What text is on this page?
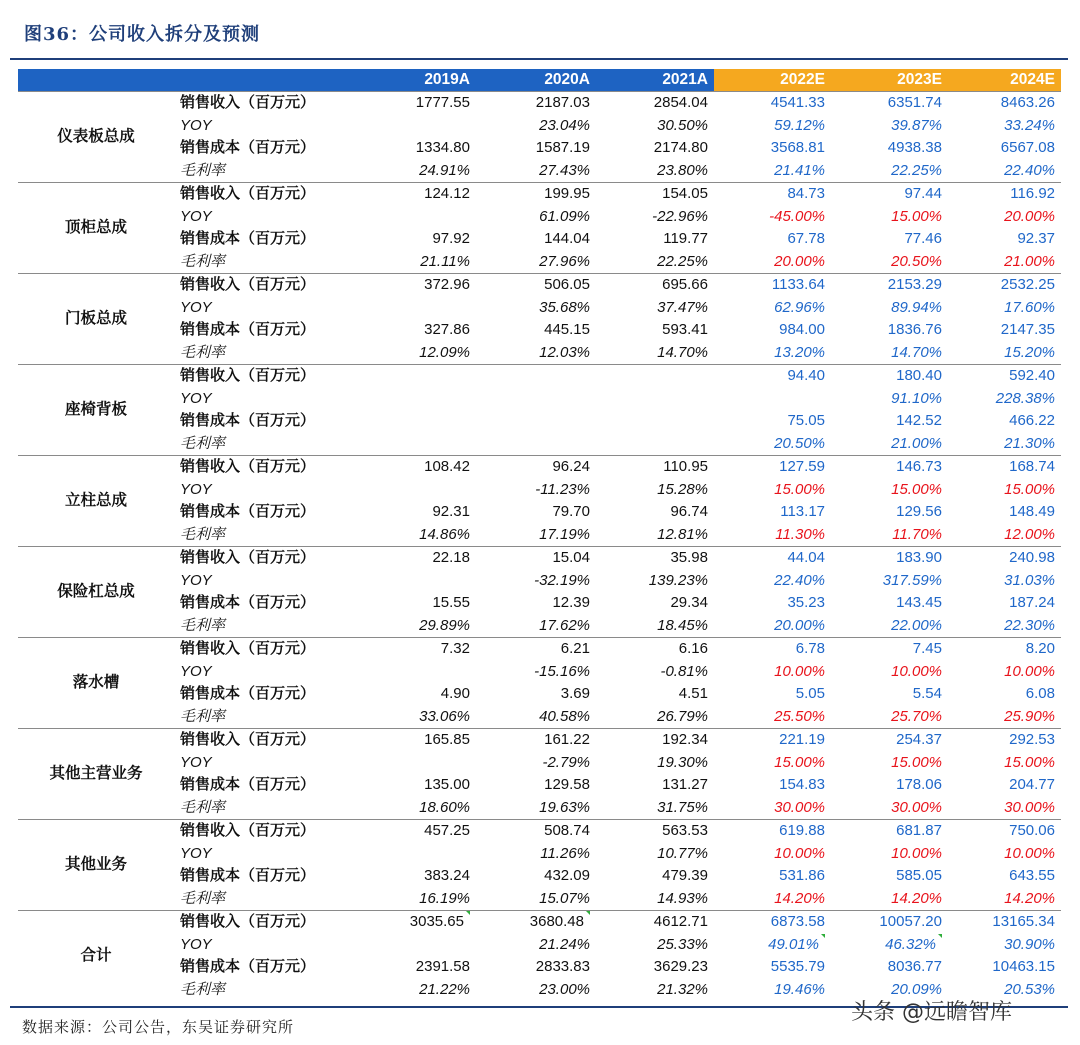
图36：公司收入拆分及预测
		2019A	2020A	2021A	2022E	2023E	2024E
仪表板总成	销售收入（百万元）	1777.55	2187.03	2854.04	4541.33	6351.74	8463.26
	YOY		23.04%	30.50%	59.12%	39.87%	33.24%
	销售成本（百万元）	1334.80	1587.19	2174.80	3568.81	4938.38	6567.08
	毛利率	24.91%	27.43%	23.80%	21.41%	22.25%	22.40%
顶柜总成	销售收入（百万元）	124.12	199.95	154.05	84.73	97.44	116.92
	YOY		61.09%	-22.96%	-45.00%	15.00%	20.00%
	销售成本（百万元）	97.92	144.04	119.77	67.78	77.46	92.37
	毛利率	21.11%	27.96%	22.25%	20.00%	20.50%	21.00%
门板总成	销售收入（百万元）	372.96	506.05	695.66	1133.64	2153.29	2532.25
	YOY		35.68%	37.47%	62.96%	89.94%	17.60%
	销售成本（百万元）	327.86	445.15	593.41	984.00	1836.76	2147.35
	毛利率	12.09%	12.03%	14.70%	13.20%	14.70%	15.20%
座椅背板	销售收入（百万元）				94.40	180.40	592.40
	YOY					91.10%	228.38%
	销售成本（百万元）				75.05	142.52	466.22
	毛利率				20.50%	21.00%	21.30%
立柱总成	销售收入（百万元）	108.42	96.24	110.95	127.59	146.73	168.74
	YOY		-11.23%	15.28%	15.00%	15.00%	15.00%
	销售成本（百万元）	92.31	79.70	96.74	113.17	129.56	148.49
	毛利率	14.86%	17.19%	12.81%	11.30%	11.70%	12.00%
保险杠总成	销售收入（百万元）	22.18	15.04	35.98	44.04	183.90	240.98
	YOY		-32.19%	139.23%	22.40%	317.59%	31.03%
	销售成本（百万元）	15.55	12.39	29.34	35.23	143.45	187.24
	毛利率	29.89%	17.62%	18.45%	20.00%	22.00%	22.30%
落水槽	销售收入（百万元）	7.32	6.21	6.16	6.78	7.45	8.20
	YOY		-15.16%	-0.81%	10.00%	10.00%	10.00%
	销售成本（百万元）	4.90	3.69	4.51	5.05	5.54	6.08
	毛利率	33.06%	40.58%	26.79%	25.50%	25.70%	25.90%
其他主营业务	销售收入（百万元）	165.85	161.22	192.34	221.19	254.37	292.53
	YOY		-2.79%	19.30%	15.00%	15.00%	15.00%
	销售成本（百万元）	135.00	129.58	131.27	154.83	178.06	204.77
	毛利率	18.60%	19.63%	31.75%	30.00%	30.00%	30.00%
其他业务	销售收入（百万元）	457.25	508.74	563.53	619.88	681.87	750.06
	YOY		11.26%	10.77%	10.00%	10.00%	10.00%
	销售成本（百万元）	383.24	432.09	479.39	531.86	585.05	643.55
	毛利率	16.19%	15.07%	14.93%	14.20%	14.20%	14.20%
合计	销售收入（百万元）	3035.65	3680.48	4612.71	6873.58	10057.20	13165.34
	YOY		21.24%	25.33%	49.01%	46.32%	30.90%
	销售成本（百万元）	2391.58	2833.83	3629.23	5535.79	8036.77	10463.15
	毛利率	21.22%	23.00%	21.32%	19.46%	20.09%	20.53%
数据来源：公司公告，东吴证券研究所
头条 @远瞻智库
